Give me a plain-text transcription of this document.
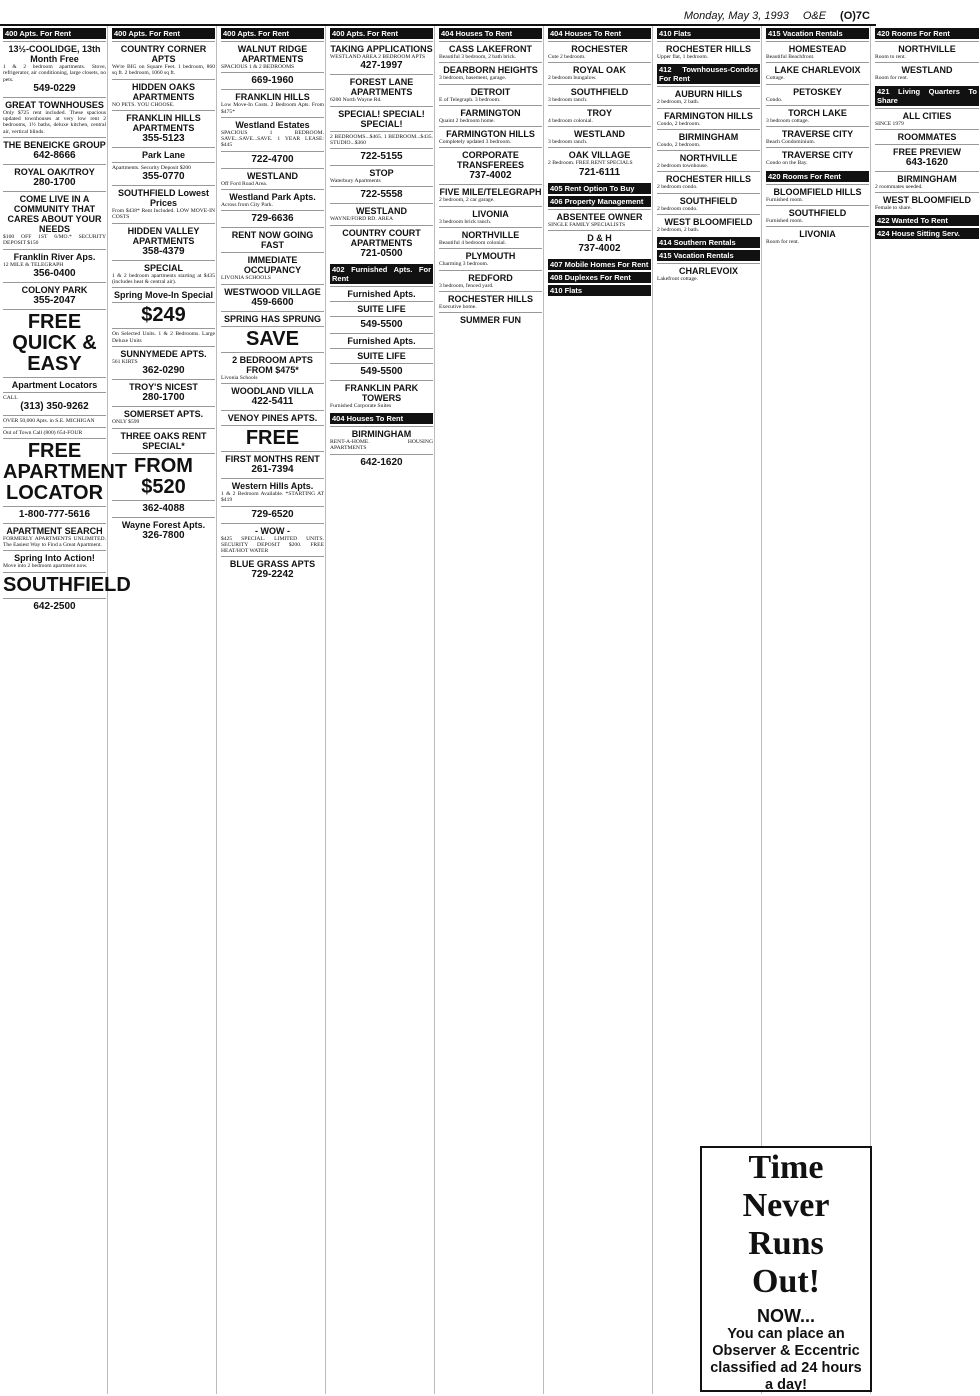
Monday, May 3, 1993 O&E (O)7C
400 Apts. For Rent
13½-COOLIDGE, 13th Month Free
1 & 2 bedroom apartments. Stove, refrigerator, air conditioning, large closets, no pets.
549-0229
GREAT TOWNHOUSES
Only $725 rent included. These spacious updated townhouses at very low rent 2 bedrooms, 1½ baths, deluxe kitchen, central air, vertical blinds.
THE BENEICKE GROUP
642-8666
ROYAL OAK/TROY
280-1700
COME LIVE IN A COMMUNITY THAT CARES ABOUT YOUR NEEDS
$100 OFF 1ST 6/MO.* SECURITY DEPOSIT $150
Franklin River Aps.
12 MILE & TELEGRAPH
356-0400
COLONY PARK
355-2047
FREE QUICK & EASY
Apartment Locators
CALL
(313) 350-9262
OVER 50,000 Apts. in S.E. MICHIGAN
Out of Town Call (800) 654-FOUR
FREE APARTMENT LOCATOR
1-800-777-5616
APARTMENT SEARCH
FORMERLY APARTMENTS UNLIMITED. The Easiest Way to Find a Great Apartment.
Spring Into Action!
Move into 2 bedroom apartment now.
SOUTHFIELD
642-2500
400 Apts. For Rent
COUNTRY CORNER APTS
We're BIG on Square Feet. 1 bedroom, 860 sq ft. 2 bedroom, 1060 sq ft.
HIDDEN OAKS APARTMENTS
NO PETS. YOU CHOOSE.
FRANKLIN HILLS APARTMENTS
355-5123
Park Lane
Apartments. Security Deposit $200
355-0770
SOUTHFIELD Lowest Prices
From $438* Rent Included. LOW MOVE-IN COSTS
HIDDEN VALLEY APARTMENTS
358-4379
SPECIAL
1 & 2 bedroom apartments starting at $435 (includes heat & central air).
Spring Move-In Special
$249
On Selected Units. 1 & 2 Bedrooms. Large Deluxe Units
SUNNYMEDE APTS.
561 KIRTS
362-0290
TROY'S NICEST
280-1700
SOMERSET APTS.
ONLY $599
THREE OAKS RENT SPECIAL*
FROM $520
362-4088
Wayne Forest Apts.
326-7800
400 Apts. For Rent
WALNUT RIDGE APARTMENTS
SPACIOUS 1 & 2 BEDROOMS
669-1960
FRANKLIN HILLS
Low Move-In Costs. 2 Bedroom Apts. From $475*
Westland Estates
SPACIOUS 1 BEDROOM. SAVE...SAVE...SAVE. 1 YEAR LEASE: $445
722-4700
WESTLAND
Off Ford Road Area.
Westland Park Apts.
Across from City Park.
729-6636
RENT NOW GOING FAST
IMMEDIATE OCCUPANCY
LIVONIA SCHOOLS
WESTWOOD VILLAGE
459-6600
SPRING HAS SPRUNG
SAVE
2 BEDROOM APTS FROM $475*
Livonia Schools
WOODLAND VILLA
422-5411
VENOY PINES APTS.
FREE
FIRST MONTHS RENT
261-7394
Western Hills Apts.
1 & 2 Bedroom Available. *STARTING AT $419
729-6520
- WOW -
$425 SPECIAL. LIMITED UNITS. SECURITY DEPOSIT $200. FREE HEAT/HOT WATER
BLUE GRASS APTS
729-2242
400 Apts. For Rent
TAKING APPLICATIONS
WESTLAND AREA 2 BEDROOM APTS
427-1997
FOREST LANE APARTMENTS
6200 North Wayne Rd.
SPECIAL! SPECIAL! SPECIAL!
2 BEDROOMS...$465. 1 BEDROOM...$435. STUDIO...$360
722-5155
STOP
Waterbury Apartments
722-5558
WESTLAND
WAYNE/FORD RD. AREA
COUNTRY COURT APARTMENTS
721-0500
402 Furnished Apts. For Rent
Furnished Apts.
SUITE LIFE
549-5500
Furnished Apts.
SUITE LIFE
549-5500
FRANKLIN PARK TOWERS
Furnished Corporate Suites
404 Houses To Rent
BIRMINGHAM
RENT-A-HOME. HOUSING APARTMENTS
642-1620
404 Houses To Rent
CASS LAKEFRONT
Beautiful 3 bedroom, 2 bath brick.
DEARBORN HEIGHTS
3 bedroom, basement, garage.
DETROIT
E of Telegraph. 3 bedroom.
FARMINGTON
Quaint 2 bedroom home.
FARMINGTON HILLS
Completely updated 3 bedroom.
CORPORATE TRANSFEREES
737-4002
FIVE MILE/TELEGRAPH
2 bedroom, 2 car garage.
LIVONIA
3 bedroom brick ranch.
NORTHVILLE
Beautiful 4 bedroom colonial.
PLYMOUTH
Charming 3 bedroom.
REDFORD
3 bedroom, fenced yard.
ROCHESTER HILLS
Executive home.
SUMMER FUN
404 Houses To Rent
ROCHESTER
Cute 2 bedroom.
ROYAL OAK
2 bedroom bungalow.
SOUTHFIELD
3 bedroom ranch.
TROY
4 bedroom colonial.
WESTLAND
3 bedroom ranch.
OAK VILLAGE
2 Bedroom. FREE RENT SPECIALS
721-6111
405 Rent Option To Buy
406 Property Management
ABSENTEE OWNER
SINGLE FAMILY SPECIALISTS
D & H
737-4002
407 Mobile Homes For Rent
408 Duplexes For Rent
410 Flats
410 Flats
ROCHESTER HILLS
Upper flat, 1 bedroom.
412 Townhouses-Condos For Rent
AUBURN HILLS
2 bedroom, 2 bath.
FARMINGTON HILLS
Condo, 2 bedroom.
BIRMINGHAM
Condo, 2 bedroom.
NORTHVILLE
2 bedroom townhouse.
ROCHESTER HILLS
2 bedroom condo.
SOUTHFIELD
2 bedroom condo.
WEST BLOOMFIELD
2 bedroom, 2 bath.
414 Southern Rentals
415 Vacation Rentals
CHARLEVOIX
Lakefront cottage.
415 Vacation Rentals
HOMESTEAD
Beautiful Beachfront.
LAKE CHARLEVOIX
Cottage.
PETOSKEY
Condo.
TORCH LAKE
3 bedroom cottage.
TRAVERSE CITY
Beach Condominium.
TRAVERSE CITY
Condo on the Bay.
420 Rooms For Rent
BLOOMFIELD HILLS
Furnished room.
SOUTHFIELD
Furnished room.
LIVONIA
Room for rent.
420 Rooms For Rent
NORTHVILLE
Room to rent.
WESTLAND
Room for rent.
421 Living Quarters To Share
ALL CITIES
SINCE 1979
ROOMMATES
FREE PREVIEW
643-1620
BIRMINGHAM
2 roommates needed.
WEST BLOOMFIELD
Female to share.
422 Wanted To Rent
424 House Sitting Serv.
Time
Never
Runs
Out!
NOW...
You can place an Observer & Eccentric classified ad 24 hours a day!
